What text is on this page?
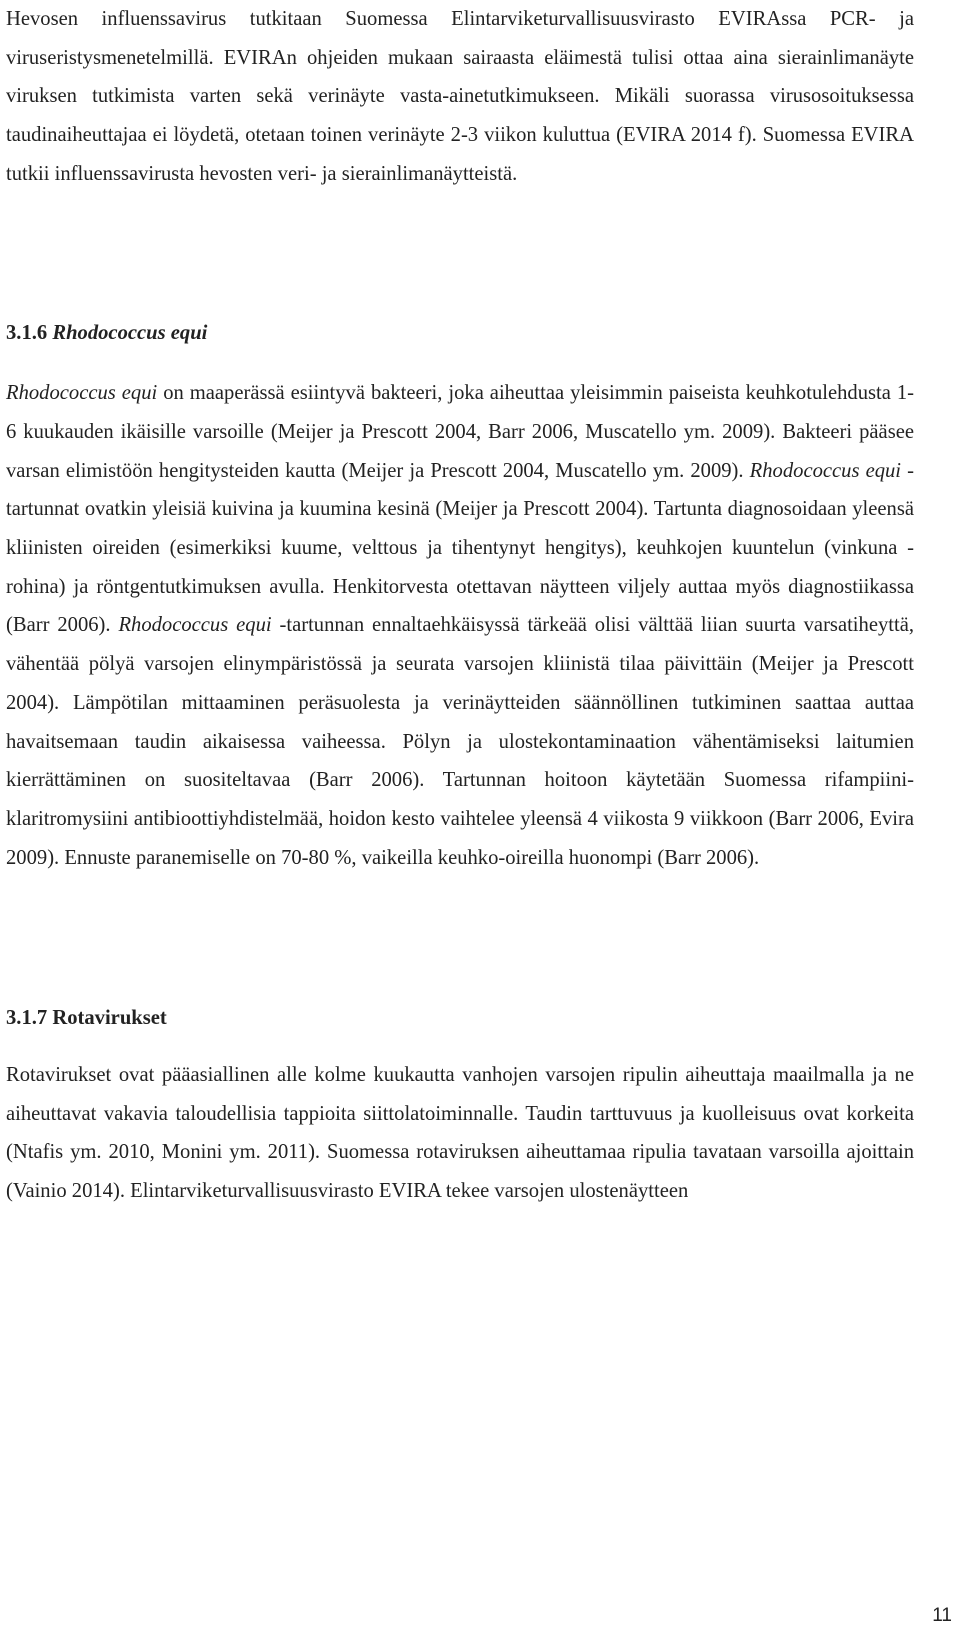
Hevosen influenssavirus tutkitaan Suomessa Elintarviketurvallisuusvirasto EVIRAssa PCR- ja viruseristysmenetelmillä. EVIRAn ohjeiden mukaan sairaasta eläimestä tulisi ottaa aina sierainlimanäyte viruksen tutkimista varten sekä verinäyte vasta-ainetutkimukseen. Mikäli suorassa virusosoituksessa taudinaiheuttajaa ei löydetä, otetaan toinen verinäyte 2-3 viikon kuluttua (EVIRA 2014 f). Suomessa EVIRA tutkii influenssavirusta hevosten veri- ja sierainlimanäytteistä.

3.1.6 Rhodococcus equi

Rhodococcus equi on maaperässä esiintyvä bakteeri, joka aiheuttaa yleisimmin paiseista keuhkotulehdusta 1-6 kuukauden ikäisille varsoille (Meijer ja Prescott 2004, Barr 2006, Muscatello ym. 2009). Bakteeri pääsee varsan elimistöön hengitysteiden kautta (Meijer ja Prescott 2004, Muscatello ym. 2009). Rhodococcus equi -tartunnat ovatkin yleisiä kuivina ja kuumina kesinä (Meijer ja Prescott 2004). Tartunta diagnosoidaan yleensä kliinisten oireiden (esimerkiksi kuume, velttous ja tihentynyt hengitys), keuhkojen kuuntelun (vinkuna - rohina) ja röntgentutkimuksen avulla. Henkitorvesta otettavan näytteen viljely auttaa myös diagnostiikassa (Barr 2006). Rhodococcus equi -tartunnan ennaltaehkäisyssä tärkeää olisi välttää liian suurta varsatiheyttä, vähentää pölyä varsojen elinympäristössä ja seurata varsojen kliinistä tilaa päivittäin (Meijer ja Prescott 2004). Lämpötilan mittaaminen peräsuolesta ja verinäytteiden säännöllinen tutkiminen saattaa auttaa havaitsemaan taudin aikaisessa vaiheessa. Pölyn ja ulostekontaminaation vähentämiseksi laitumien kierrättäminen on suositeltavaa (Barr 2006). Tartunnan hoitoon käytetään Suomessa rifampiini-klaritromysiini antibioottiyhdistelmää, hoidon kesto vaihtelee yleensä 4 viikosta 9 viikkoon (Barr 2006, Evira 2009). Ennuste paranemiselle on 70-80 %, vaikeilla keuhko-oireilla huonompi (Barr 2006).

3.1.7 Rotavirukset

Rotavirukset ovat pääasiallinen alle kolme kuukautta vanhojen varsojen ripulin aiheuttaja maailmalla ja ne aiheuttavat vakavia taloudellisia tappioita siittolatoiminnalle. Taudin tarttuvuus ja kuolleisuus ovat korkeita (Ntafis ym. 2010, Monini ym. 2011). Suomessa rotaviruksen aiheuttamaa ripulia tavataan varsoilla ajoittain (Vainio 2014). Elintarviketurvallisuusvirasto EVIRA tekee varsojen ulostenäytteen

11
